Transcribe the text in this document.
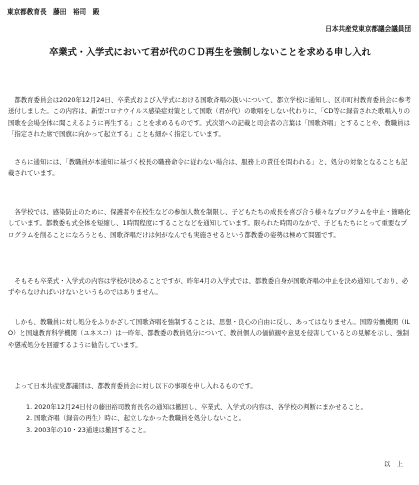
東京都教育長　藤田　裕司　殿
日本共産党東京都議会議員団
卒業式・入学式において君が代のＣＤ再生を強制しないことを求める申し入れ

　都教育委員会は2020年12月24日、卒業式および入学式における国歌斉唱の扱いについて、都立学校に通知し、区市町村教育委員会に参考送付しました。この内容は、新型コロナウイルス感染症対策として国歌（君が代）の歌唱をしない代わりに、「CD等に録音された歌唱入りの国歌を会場全体に聞こえるように再生する」ことを求めるものです。式次第への記載と司会者の言葉は「国歌斉唱」とすることや、教職員は「指定された席で国旗に向かって起立する」ことも細かく指定しています。

　さらに通知には、「教職員が本通知に基づく校長の職務命令に従わない場合は、服務上の責任を問われる」と、処分の対象となることも記載されています。

　各学校では、感染防止のために、保護者や在校生などの参加人数を制限し、子どもたちの成長を喜び合う様々なプログラムを中止・簡略化しています。都教委も式全体を短縮し、1時間程度にすることなどを通知しています。限られた時間のなかで、子どもたちにとって重要なプログラムを削ることになろうとも、国歌斉唱だけは何がなんでも実施させるという都教委の姿勢は極めて問題です。

　そもそも卒業式・入学式の内容は学校が決めることですが、昨年4月の入学式では、都教委自身が国歌斉唱の中止を決め通知しており、必ずやらなければいけないというものではありません。

　しかも、教職員に対し処分をふりかざして国歌斉唱を強制することは、思想・良心の自由に反し、あってはなりません。国際労働機関（ILO）と国連教育科学機関（ユネスコ）は一昨年、都教委の教員処分について、教員個人の価値観や意見を侵害しているとの見解を示し、強制や懲戒処分を回避するように勧告しています。

　よって日本共産党都議団は、都教育委員会に対し以下の事項を申し入れるものです。

1. 2020年12月24日付の藤田裕司教育長名の通知は撤回し、卒業式、入学式の内容は、各学校の判断にまかせること。
2. 国歌斉唱（録音の再生）時に、起立しなかった教職員を処分しないこと。
3. 2003年の10・23通達は撤回すること。
以　上
